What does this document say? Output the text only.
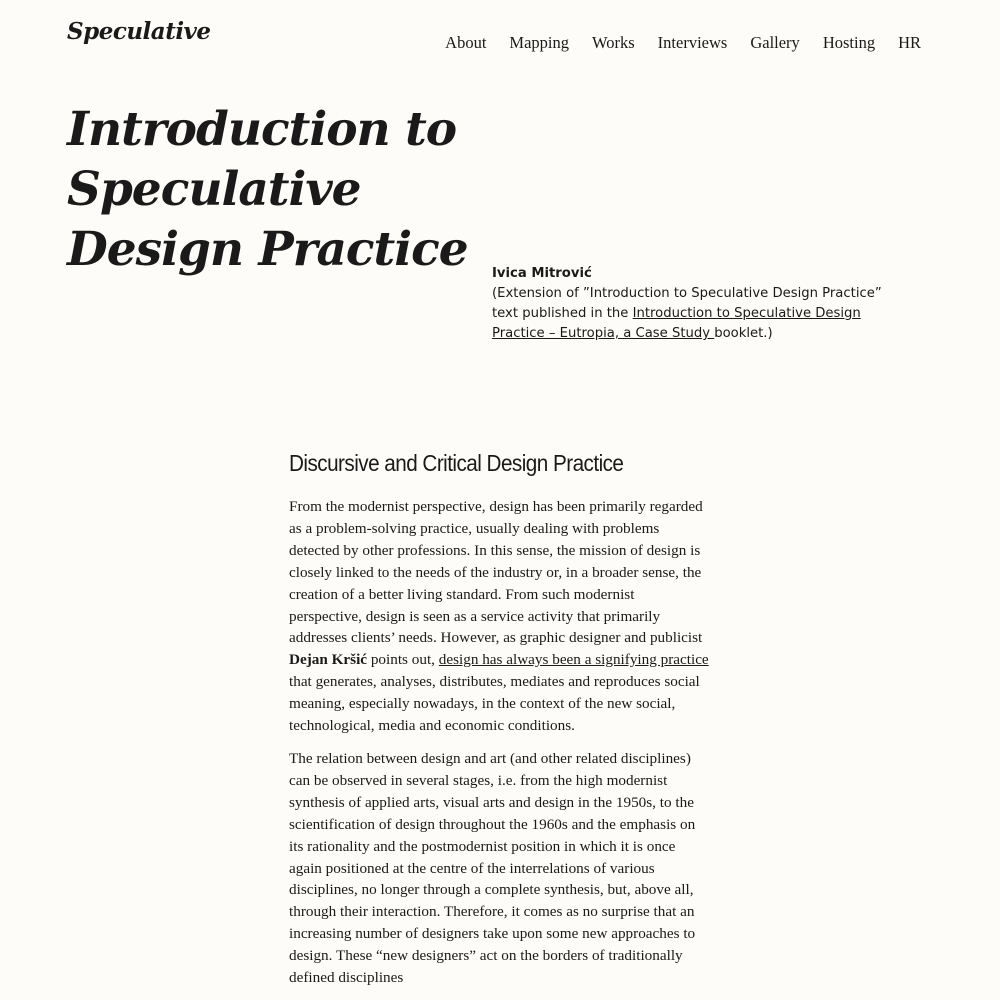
Speculative	About Mapping Works Interviews Gallery Hosting HR
Introduction to Speculative Design Practice	Ivica Mitrović
(Extension of ”Introduction to Speculative Design Practice” text published in the Introduction to Speculative Design Practice – Eutropia, a Case Study booklet.)
Discursive and Critical Design Practice

From the modernist perspective, design has been primarily regarded as a problem-solving practice, usually dealing with problems detected by other professions. In this sense, the mission of design is closely linked to the needs of the industry or, in a broader sense, the creation of a better living standard. From such modernist perspective, design is seen as a service activity that primarily addresses clients’ needs. However, as graphic designer and publicist Dejan Kršić points out, design has always been a signifying practice that generates, analyses, distributes, mediates and reproduces social meaning, especially nowadays, in the context of the new social, technological, media and economic conditions.

The relation between design and art (and other related disciplines) can be observed in several stages, i.e. from the high modernist synthesis of applied arts, visual arts and design in the 1950s, to the scientification of design throughout the 1960s and the emphasis on its rationality and the postmodernist position in which it is once again positioned at the centre of the interrelations of various disciplines, no longer through a complete synthesis, but, above all, through their interaction. Therefore, it comes as no surprise that an increasing number of designers take upon some new approaches to design. These “new designers” act on the borders of traditionally defined disciplines
